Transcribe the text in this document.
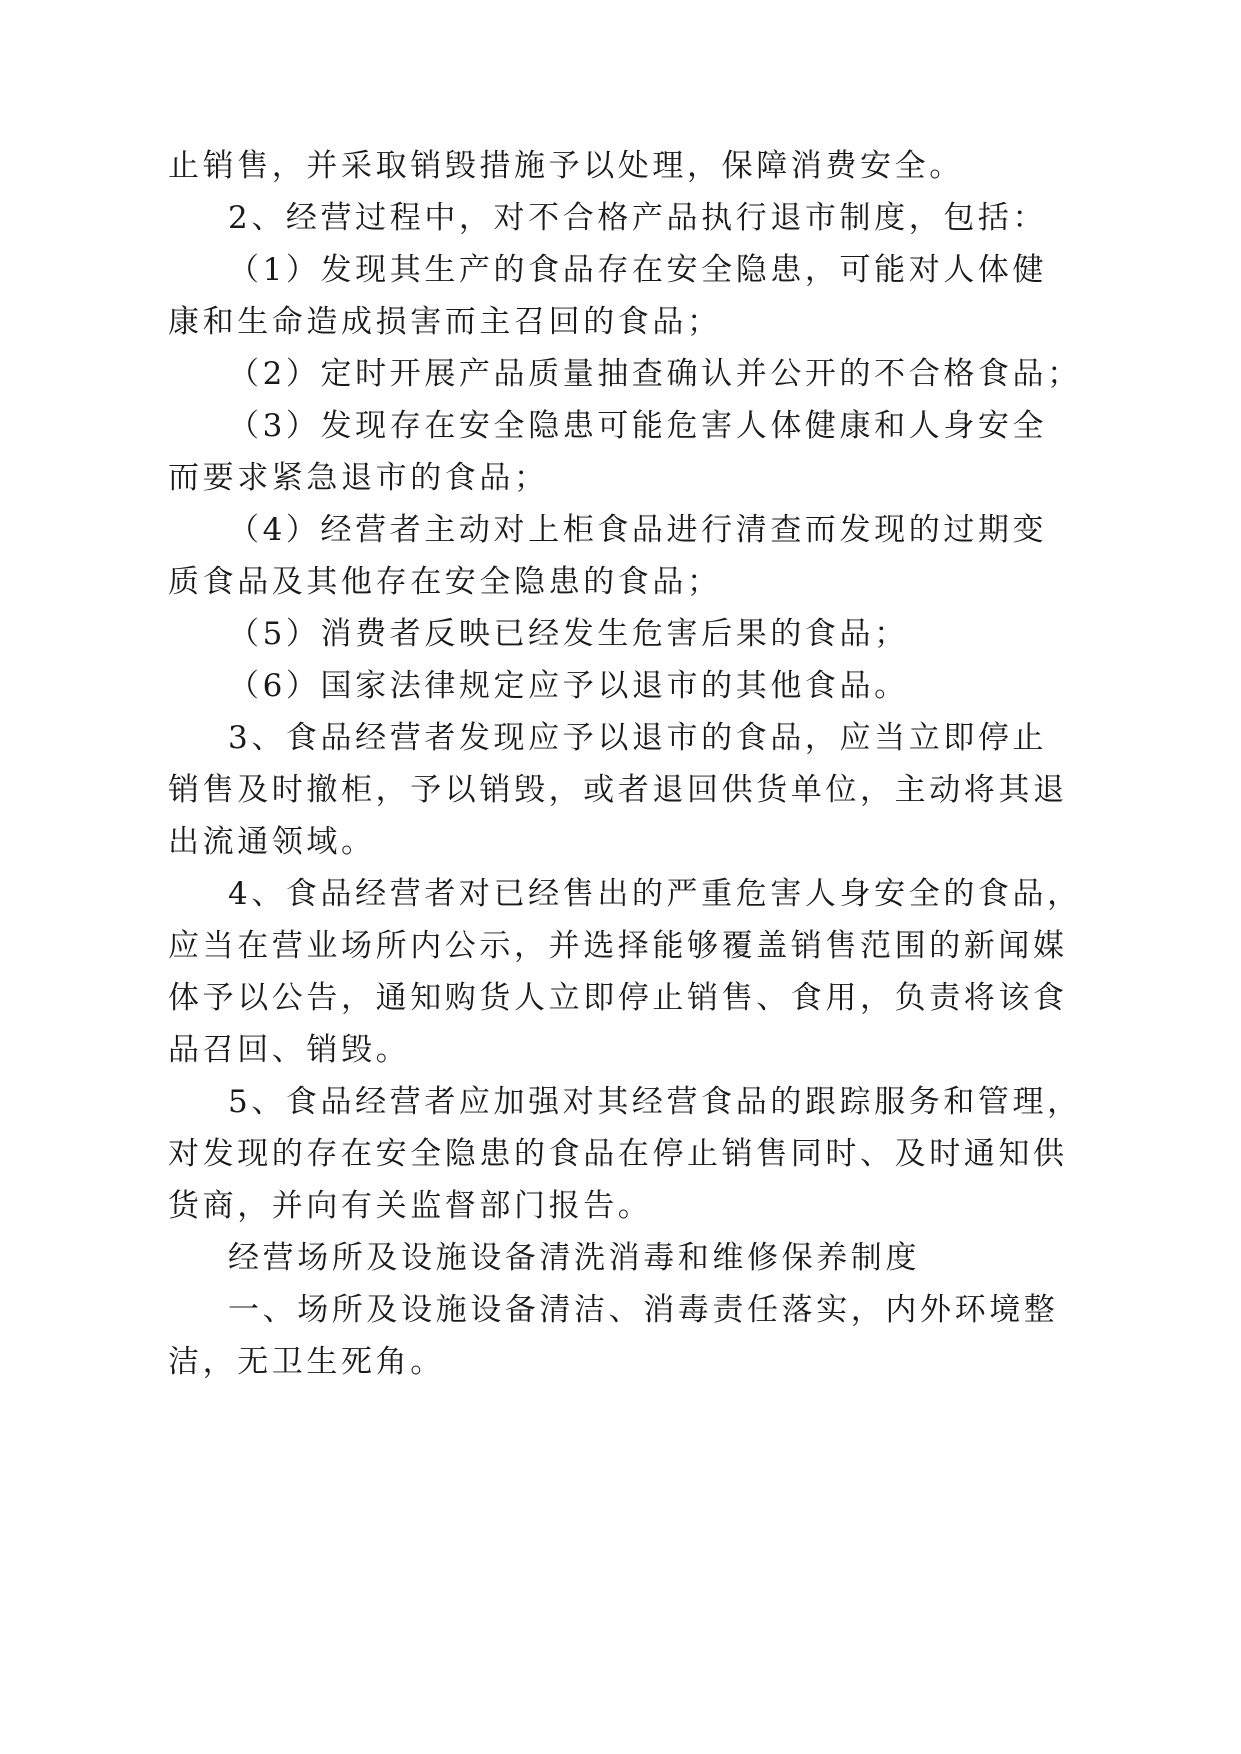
止销售，并采取销毁措施予以处理，保障消费安全。
2、经营过程中，对不合格产品执行退市制度，包括：
（1）发现其生产的食品存在安全隐患，可能对人体健
康和生命造成损害而主召回的食品；
（2）定时开展产品质量抽查确认并公开的不合格食品；
（3）发现存在安全隐患可能危害人体健康和人身安全
而要求紧急退市的食品；
（4）经营者主动对上柜食品进行清查而发现的过期变
质食品及其他存在安全隐患的食品；
（5）消费者反映已经发生危害后果的食品；
（6）国家法律规定应予以退市的其他食品。
3、食品经营者发现应予以退市的食品，应当立即停止
销售及时撤柜，予以销毁，或者退回供货单位，主动将其退
出流通领域。
4、食品经营者对已经售出的严重危害人身安全的食品，
应当在营业场所内公示，并选择能够覆盖销售范围的新闻媒
体予以公告，通知购货人立即停止销售、食用，负责将该食
品召回、销毁。
5、食品经营者应加强对其经营食品的跟踪服务和管理，
对发现的存在安全隐患的食品在停止销售同时、及时通知供
货商，并向有关监督部门报告。
经营场所及设施设备清洗消毒和维修保养制度
一、场所及设施设备清洁、消毒责任落实，内外环境整
洁，无卫生死角。
